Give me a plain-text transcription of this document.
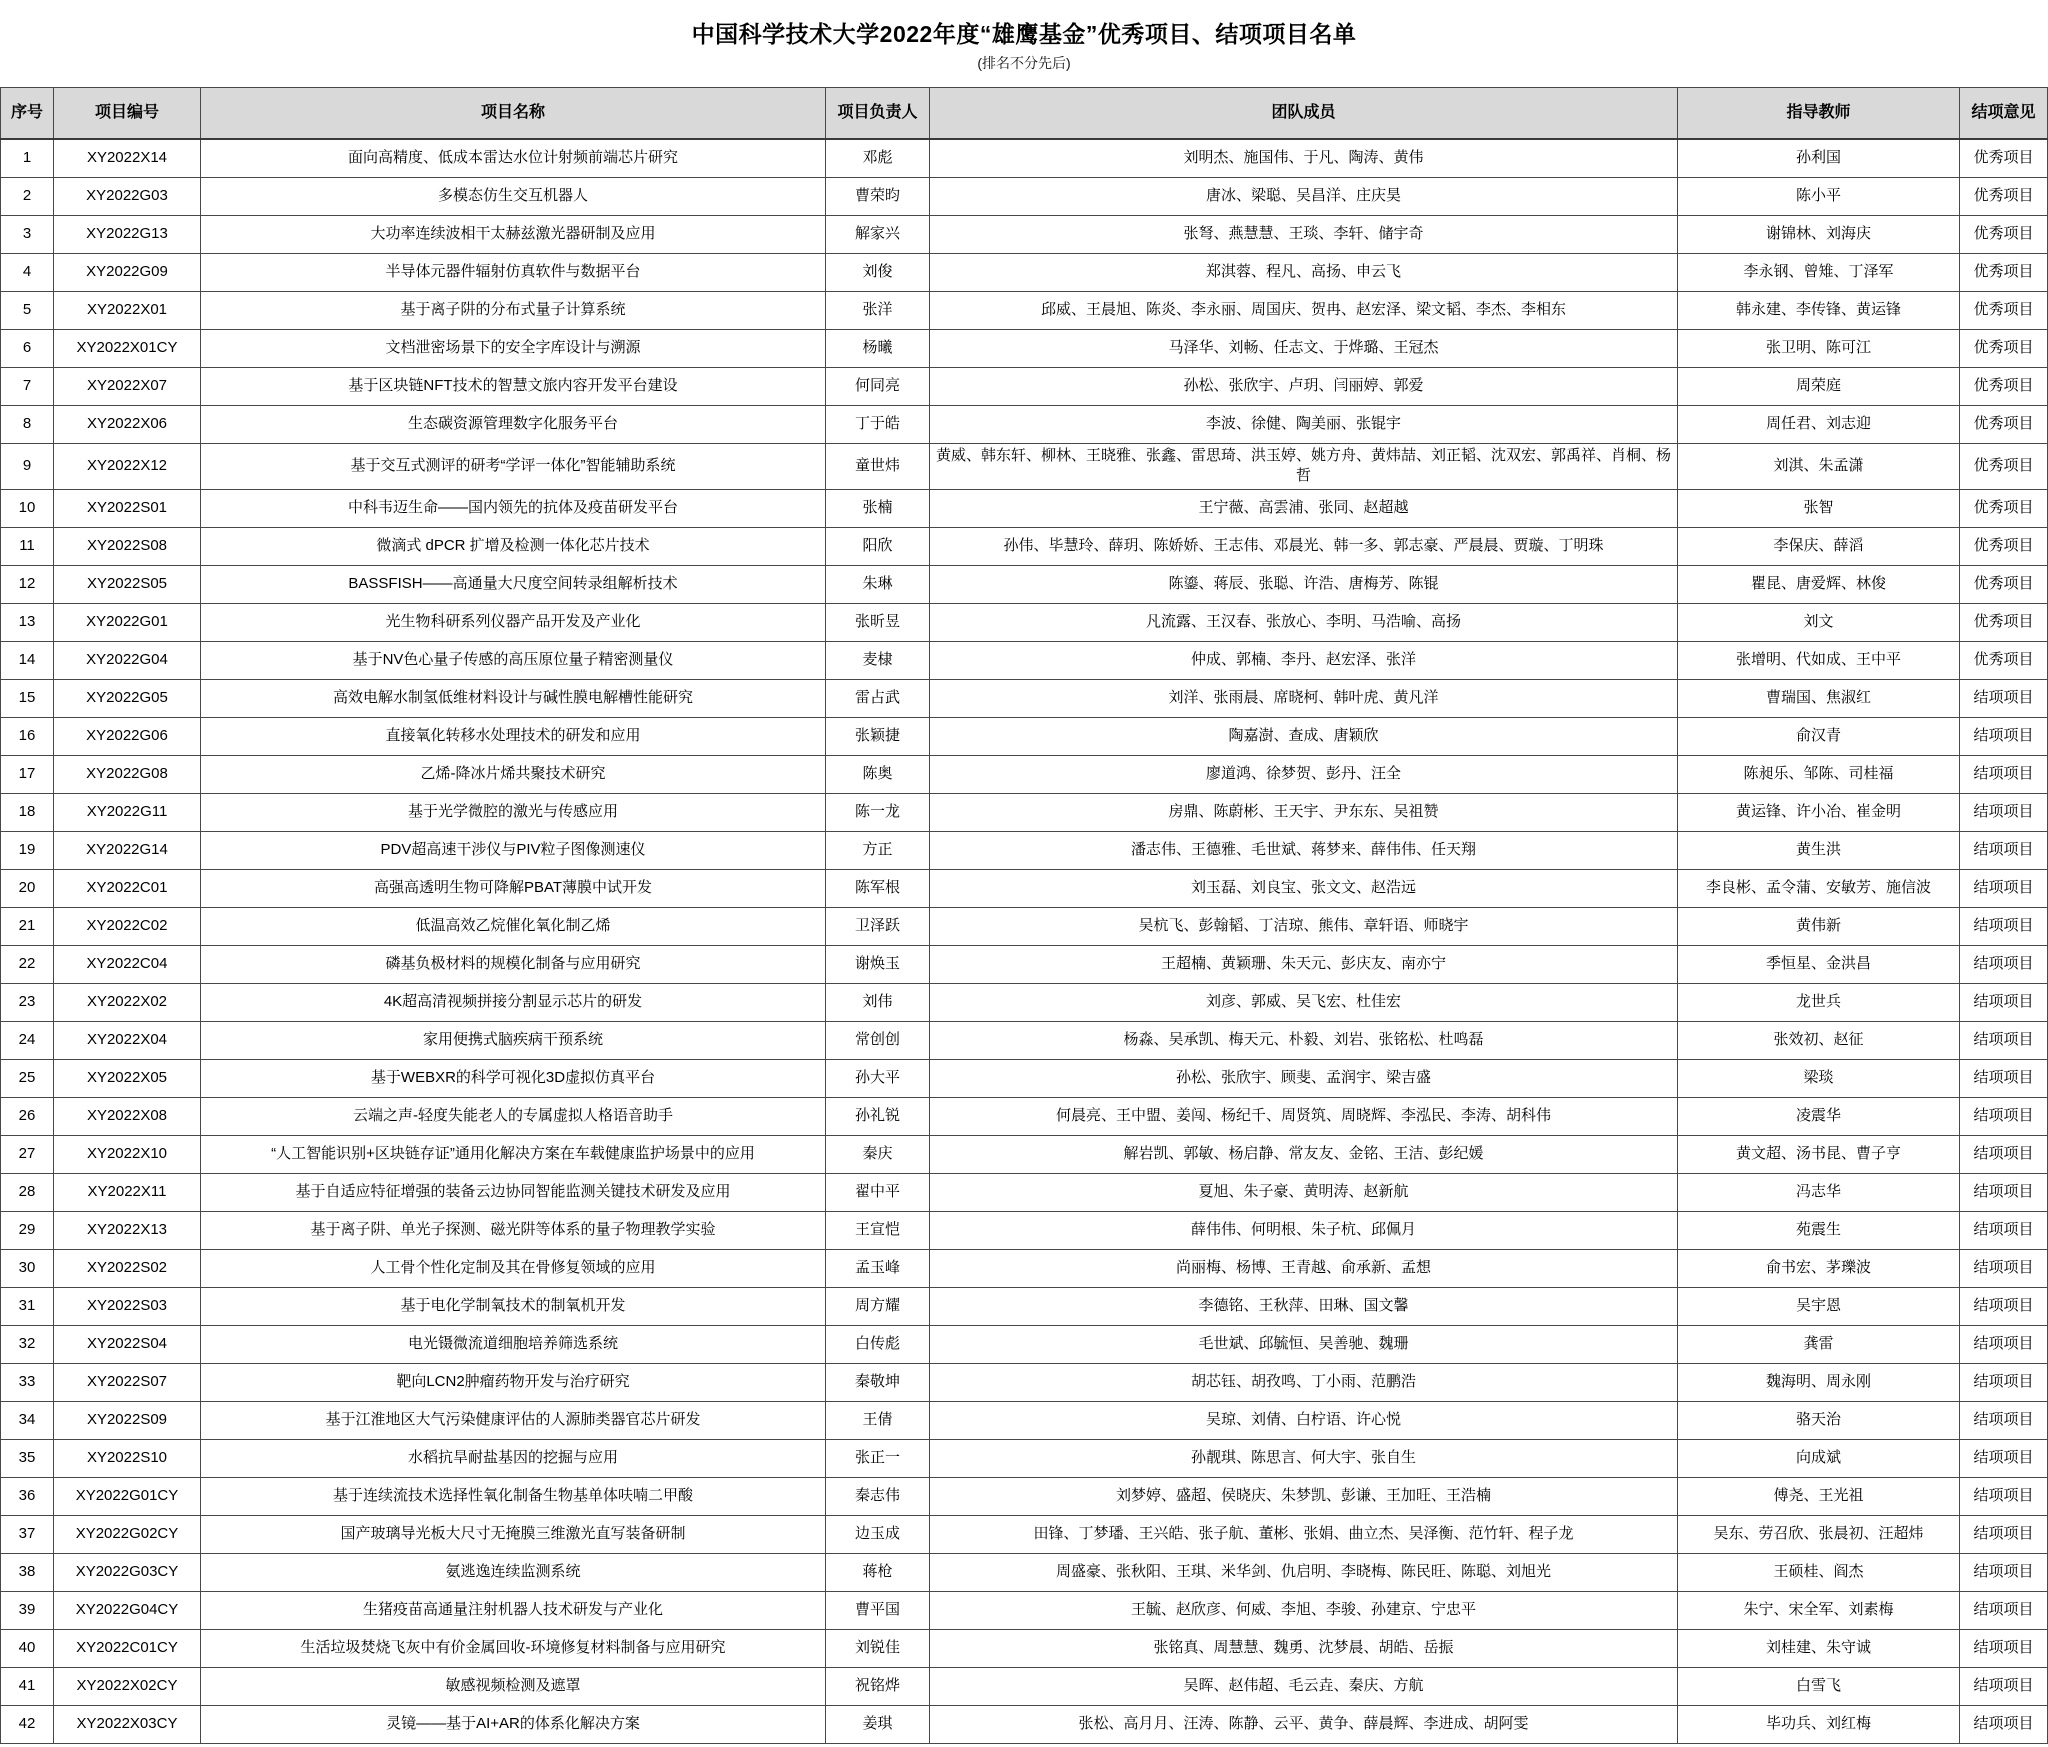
中国科学技术大学2022年度“雄鹰基金”优秀项目、结项项目名单
(排名不分先后)
序号	项目编号	项目名称	项目负责人	团队成员	指导教师	结项意见
1	XY2022X14	面向高精度、低成本雷达水位计射频前端芯片研究	邓彪	刘明杰、施国伟、于凡、陶涛、黄伟	孙利国	优秀项目
2	XY2022G03	多模态仿生交互机器人	曹荣昀	唐冰、梁聪、吴昌洋、庄庆昊	陈小平	优秀项目
3	XY2022G13	大功率连续波相干太赫兹激光器研制及应用	解家兴	张弩、燕慧慧、王琰、李轩、储宇奇	谢锦林、刘海庆	优秀项目
4	XY2022G09	半导体元器件辐射仿真软件与数据平台	刘俊	郑淇蓉、程凡、高扬、申云飞	李永钢、曾雉、丁泽军	优秀项目
5	XY2022X01	基于离子阱的分布式量子计算系统	张洋	邱威、王晨旭、陈炎、李永丽、周国庆、贺冉、赵宏泽、梁文韬、李杰、李相东	韩永建、李传锋、黄运锋	优秀项目
6	XY2022X01CY	文档泄密场景下的安全字库设计与溯源	杨曦	马泽华、刘畅、任志文、于烨璐、王冠杰	张卫明、陈可江	优秀项目
7	XY2022X07	基于区块链NFT技术的智慧文旅内容开发平台建设	何同亮	孙松、张欣宇、卢玥、闫丽婷、郭爱	周荣庭	优秀项目
8	XY2022X06	生态碳资源管理数字化服务平台	丁于皓	李波、徐健、陶美丽、张锟宇	周任君、刘志迎	优秀项目
9	XY2022X12	基于交互式测评的研考“学评一体化”智能辅助系统	童世炜	黄威、韩东轩、柳林、王晓雅、张鑫、雷思琦、洪玉婷、姚方舟、黄炜喆、刘正韬、沈双宏、郭禹祥、肖桐、杨哲	刘淇、朱孟潇	优秀项目
10	XY2022S01	中科韦迈生命——国内领先的抗体及疫苗研发平台	张楠	王宁薇、高雲浦、张同、赵超越	张智	优秀项目
11	XY2022S08	微滴式 dPCR 扩增及检测一体化芯片技术	阳欣	孙伟、毕慧玲、薛玥、陈娇娇、王志伟、邓晨光、韩一多、郭志豪、严晨晨、贾璇、丁明珠	李保庆、薛滔	优秀项目
12	XY2022S05	BASSFISH——高通量大尺度空间转录组解析技术	朱琳	陈鎏、蒋辰、张聪、许浩、唐梅芳、陈锟	瞿昆、唐爱辉、林俊	优秀项目
13	XY2022G01	光生物科研系列仪器产品开发及产业化	张昕昱	凡流露、王汉春、张放心、李明、马浩喻、高扬	刘文	优秀项目
14	XY2022G04	基于NV色心量子传感的高压原位量子精密测量仪	麦棣	仲成、郭楠、李丹、赵宏泽、张洋	张增明、代如成、王中平	优秀项目
15	XY2022G05	高效电解水制氢低维材料设计与碱性膜电解槽性能研究	雷占武	刘洋、张雨晨、席晓柯、韩叶虎、黄凡洋	曹瑞国、焦淑红	结项项目
16	XY2022G06	直接氧化转移水处理技术的研发和应用	张颖捷	陶嘉澍、查成、唐颖欣	俞汉青	结项项目
17	XY2022G08	乙烯-降冰片烯共聚技术研究	陈奥	廖道鸿、徐梦贺、彭丹、汪全	陈昶乐、邹陈、司桂福	结项项目
18	XY2022G11	基于光学微腔的激光与传感应用	陈一龙	房鼎、陈蔚彬、王天宇、尹东东、吴祖赞	黄运锋、许小冶、崔金明	结项项目
19	XY2022G14	PDV超高速干涉仪与PIV粒子图像测速仪	方正	潘志伟、王德雅、毛世斌、蒋梦来、薛伟伟、任天翔	黄生洪	结项项目
20	XY2022C01	高强高透明生物可降解PBAT薄膜中试开发	陈军根	刘玉磊、刘良宝、张文文、赵浩远	李良彬、孟令蒲、安敏芳、施信波	结项项目
21	XY2022C02	低温高效乙烷催化氧化制乙烯	卫泽跃	吴杭飞、彭翰韬、丁洁琼、熊伟、章轩语、师晓宇	黄伟新	结项项目
22	XY2022C04	磷基负极材料的规模化制备与应用研究	谢焕玉	王超楠、黄颖珊、朱天元、彭庆友、南亦宁	季恒星、金洪昌	结项项目
23	XY2022X02	4K超高清视频拼接分割显示芯片的研发	刘伟	刘彦、郭威、吴飞宏、杜佳宏	龙世兵	结项项目
24	XY2022X04	家用便携式脑疾病干预系统	常创创	杨淼、吴承凯、梅天元、朴毅、刘岩、张铭松、杜鸣磊	张效初、赵征	结项项目
25	XY2022X05	基于WEBXR的科学可视化3D虚拟仿真平台	孙大平	孙松、张欣宇、顾斐、孟润宇、梁吉盛	梁琰	结项项目
26	XY2022X08	云端之声-轻度失能老人的专属虚拟人格语音助手	孙礼锐	何晨亮、王中盟、姜闯、杨纪千、周贤筑、周晓辉、李泓民、李涛、胡科伟	凌震华	结项项目
27	XY2022X10	“人工智能识别+区块链存证”通用化解决方案在车载健康监护场景中的应用	秦庆	解岩凯、郭敏、杨启静、常友友、金铭、王洁、彭纪媛	黄文超、汤书昆、曹子亨	结项项目
28	XY2022X11	基于自适应特征增强的装备云边协同智能监测关键技术研发及应用	翟中平	夏旭、朱子豪、黄明涛、赵新航	冯志华	结项项目
29	XY2022X13	基于离子阱、单光子探测、磁光阱等体系的量子物理教学实验	王宣恺	薛伟伟、何明根、朱子杭、邱佩月	苑震生	结项项目
30	XY2022S02	人工骨个性化定制及其在骨修复领域的应用	孟玉峰	尚丽梅、杨博、王青越、俞承新、孟想	俞书宏、茅瓅波	结项项目
31	XY2022S03	基于电化学制氧技术的制氧机开发	周方耀	李德铭、王秋萍、田琳、国文馨	吴宇恩	结项项目
32	XY2022S04	电光镊微流道细胞培养筛选系统	白传彪	毛世斌、邱毓恒、吴善驰、魏珊	龚雷	结项项目
33	XY2022S07	靶向LCN2肿瘤药物开发与治疗研究	秦敬坤	胡芯钰、胡孜鸣、丁小雨、范鹏浩	魏海明、周永刚	结项项目
34	XY2022S09	基于江淮地区大气污染健康评估的人源肺类器官芯片研发	王倩	吴琼、刘倩、白柠语、许心悦	骆天治	结项项目
35	XY2022S10	水稻抗旱耐盐基因的挖掘与应用	张正一	孙靓琪、陈思言、何大宇、张自生	向成斌	结项项目
36	XY2022G01CY	基于连续流技术选择性氧化制备生物基单体呋喃二甲酸	秦志伟	刘梦婷、盛超、侯晓庆、朱梦凯、彭谦、王加旺、王浩楠	傅尧、王光祖	结项项目
37	XY2022G02CY	国产玻璃导光板大尺寸无掩膜三维激光直写装备研制	边玉成	田锋、丁梦璠、王兴皓、张子航、董彬、张娟、曲立杰、吴泽衡、范竹轩、程子龙	吴东、劳召欣、张晨初、汪超炜	结项项目
38	XY2022G03CY	氨逃逸连续监测系统	蒋枪	周盛豪、张秋阳、王琪、米华剑、仇启明、李晓梅、陈民旺、陈聪、刘旭光	王硕桂、阎杰	结项项目
39	XY2022G04CY	生猪疫苗高通量注射机器人技术研发与产业化	曹平国	王毓、赵欣彦、何威、李旭、李骏、孙建京、宁忠平	朱宁、宋全军、刘素梅	结项项目
40	XY2022C01CY	生活垃圾焚烧飞灰中有价金属回收-环境修复材料制备与应用研究	刘锐佳	张铭真、周慧慧、魏勇、沈梦晨、胡皓、岳振	刘桂建、朱守诚	结项项目
41	XY2022X02CY	敏感视频检测及遮罩	祝铭烨	吴晖、赵伟超、毛云垚、秦庆、方航	白雪飞	结项项目
42	XY2022X03CY	灵镜——基于AI+AR的体系化解决方案	姜琪	张松、高月月、汪涛、陈静、云平、黄争、薛晨辉、李进成、胡阿雯	毕功兵、刘红梅	结项项目
